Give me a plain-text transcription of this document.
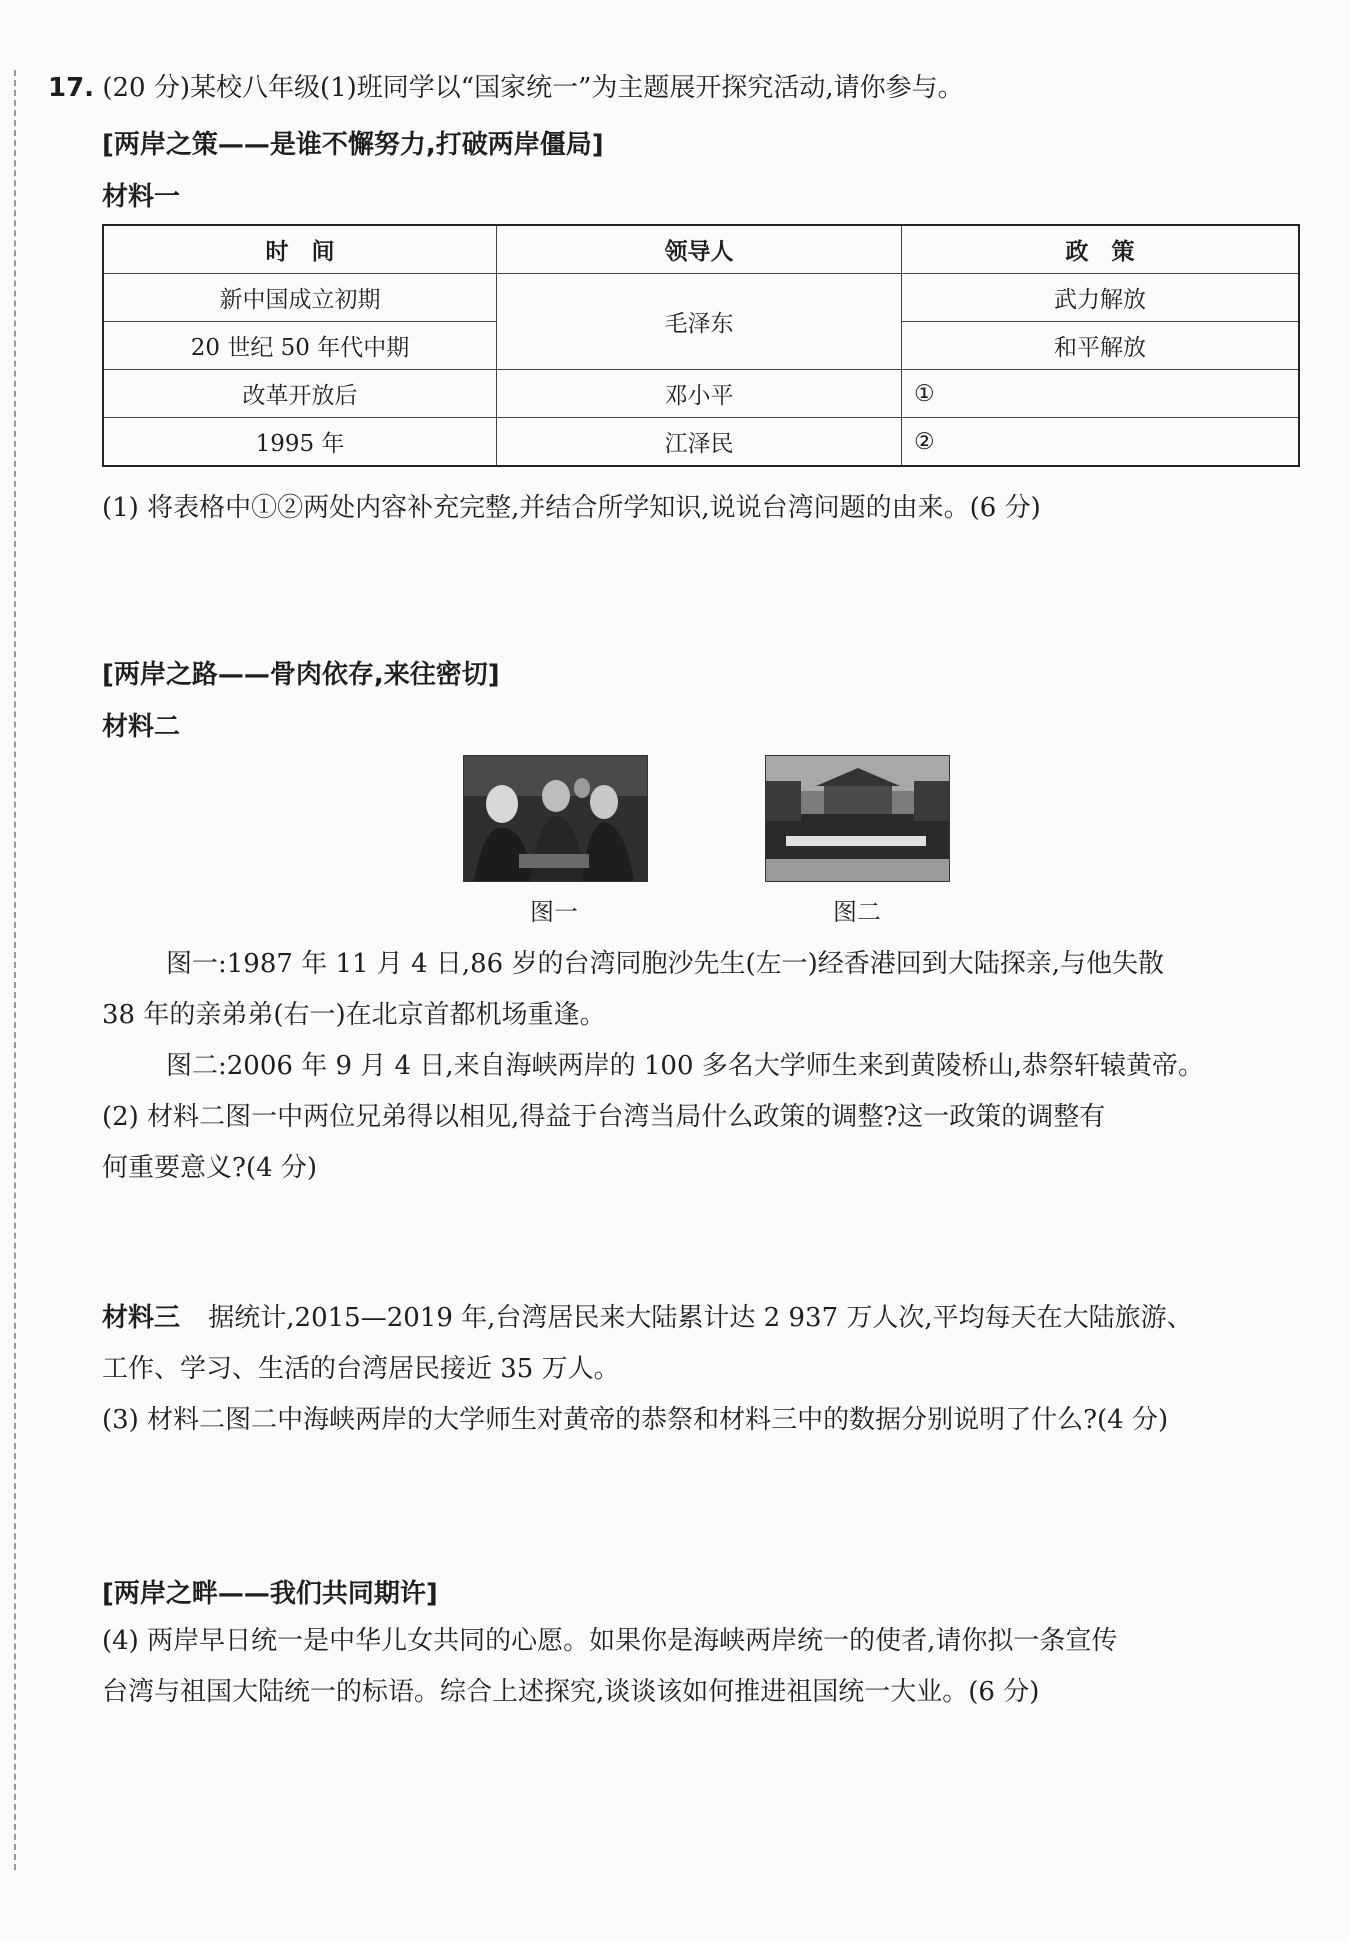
17. (20 分)某校八年级(1)班同学以“国家统一”为主题展开探究活动,请你参与。
[两岸之策——是谁不懈努力,打破两岸僵局]
材料一
时　间	领导人	政　策
新中国成立初期	毛泽东	武力解放
20 世纪 50 年代中期		和平解放
改革开放后	邓小平	①
1995 年	江泽民	②
(1) 将表格中①②两处内容补充完整,并结合所学知识,说说台湾问题的由来。(6 分)
[两岸之路——骨肉依存,来往密切]
材料二
图一	图二
图一:1987 年 11 月 4 日,86 岁的台湾同胞沙先生(左一)经香港回到大陆探亲,与他失散
38 年的亲弟弟(右一)在北京首都机场重逢。
图二:2006 年 9 月 4 日,来自海峡两岸的 100 多名大学师生来到黄陵桥山,恭祭轩辕黄帝。
(2) 材料二图一中两位兄弟得以相见,得益于台湾当局什么政策的调整?这一政策的调整有
何重要意义?(4 分)
材料三 据统计,2015—2019 年,台湾居民来大陆累计达 2 937 万人次,平均每天在大陆旅游、
工作、学习、生活的台湾居民接近 35 万人。
(3) 材料二图二中海峡两岸的大学师生对黄帝的恭祭和材料三中的数据分别说明了什么?(4 分)
[两岸之畔——我们共同期许]
(4) 两岸早日统一是中华儿女共同的心愿。如果你是海峡两岸统一的使者,请你拟一条宣传
台湾与祖国大陆统一的标语。综合上述探究,谈谈该如何推进祖国统一大业。(6 分)
